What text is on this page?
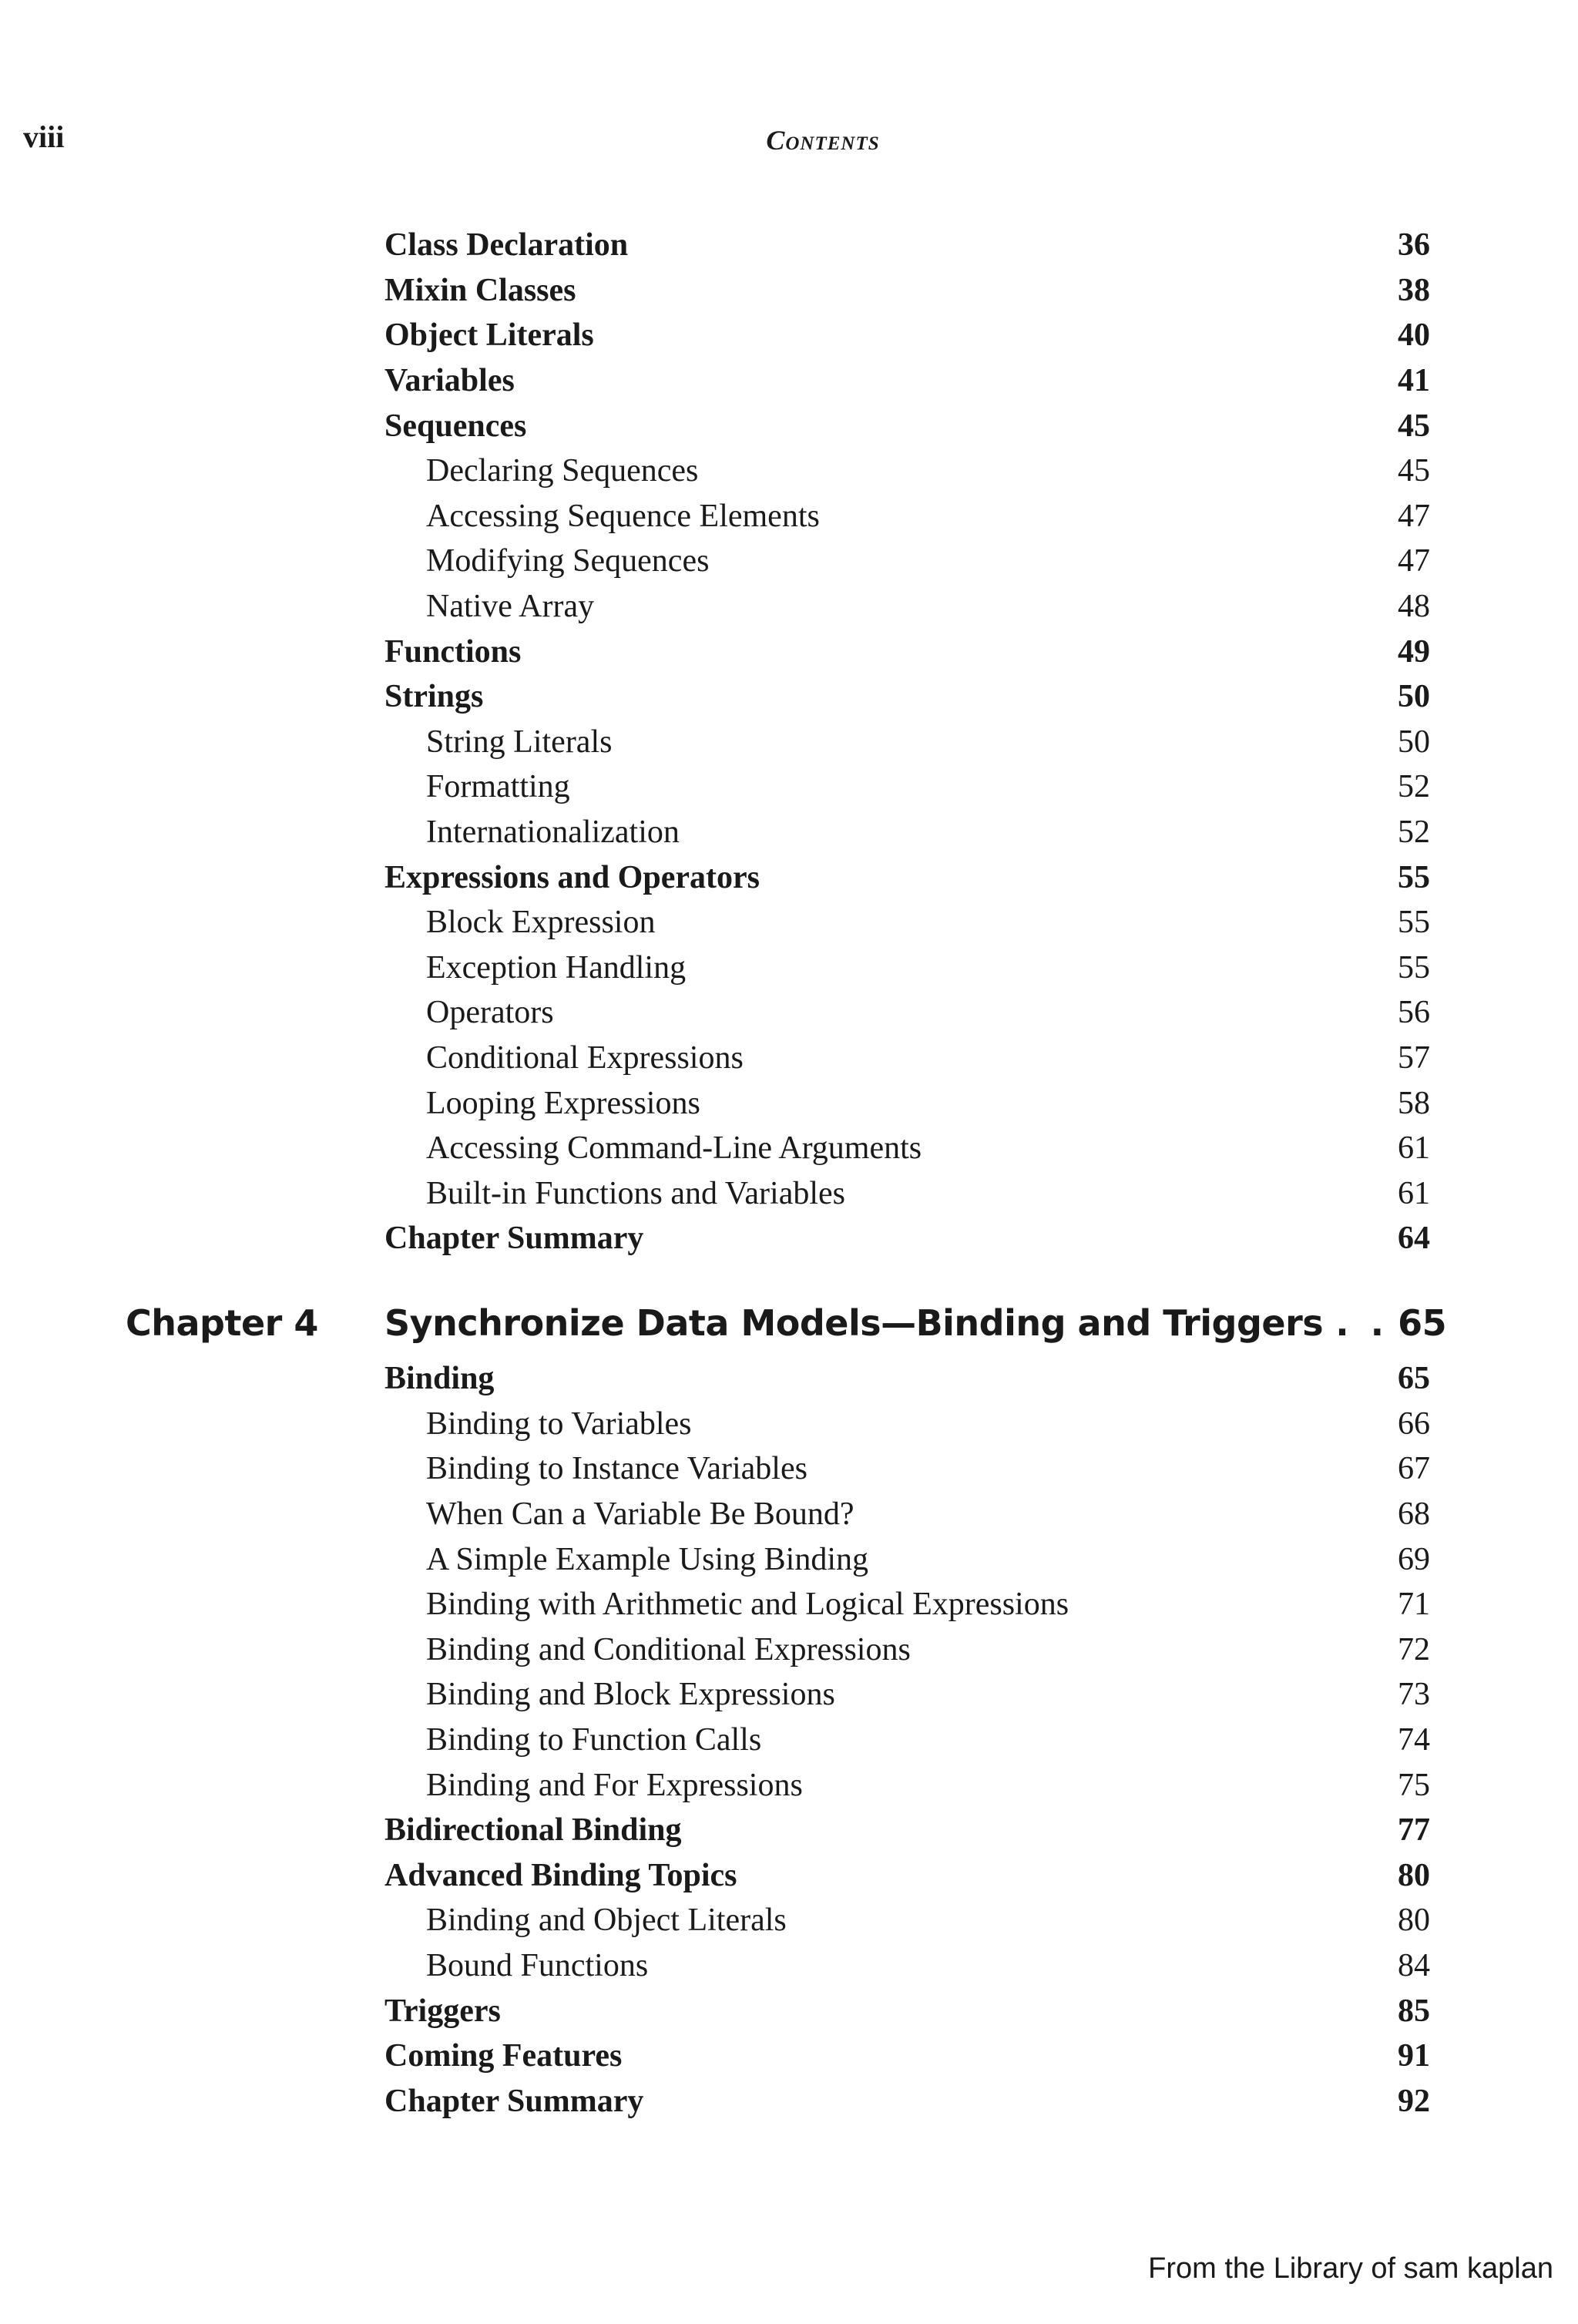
viii	Contents
Class Declaration	36
Mixin Classes	38
Object Literals	40
Variables	41
Sequences	45
Declaring Sequences	45
Accessing Sequence Elements	47
Modifying Sequences	47
Native Array	48
Functions	49
Strings	50
String Literals	50
Formatting	52
Internationalization	52
Expressions and Operators	55
Block Expression	55
Exception Handling	55
Operators	56
Conditional Expressions	57
Looping Expressions	58
Accessing Command-Line Arguments	61
Built-in Functions and Variables	61
Chapter Summary	64
Chapter 4	Synchronize Data Models—Binding and Triggers . . 65
Binding	65
Binding to Variables	66
Binding to Instance Variables	67
When Can a Variable Be Bound?	68
A Simple Example Using Binding	69
Binding with Arithmetic and Logical Expressions	71
Binding and Conditional Expressions	72
Binding and Block Expressions	73
Binding to Function Calls	74
Binding and For Expressions	75
Bidirectional Binding	77
Advanced Binding Topics	80
Binding and Object Literals	80
Bound Functions	84
Triggers	85
Coming Features	91
Chapter Summary	92
From the Library of sam kaplan
